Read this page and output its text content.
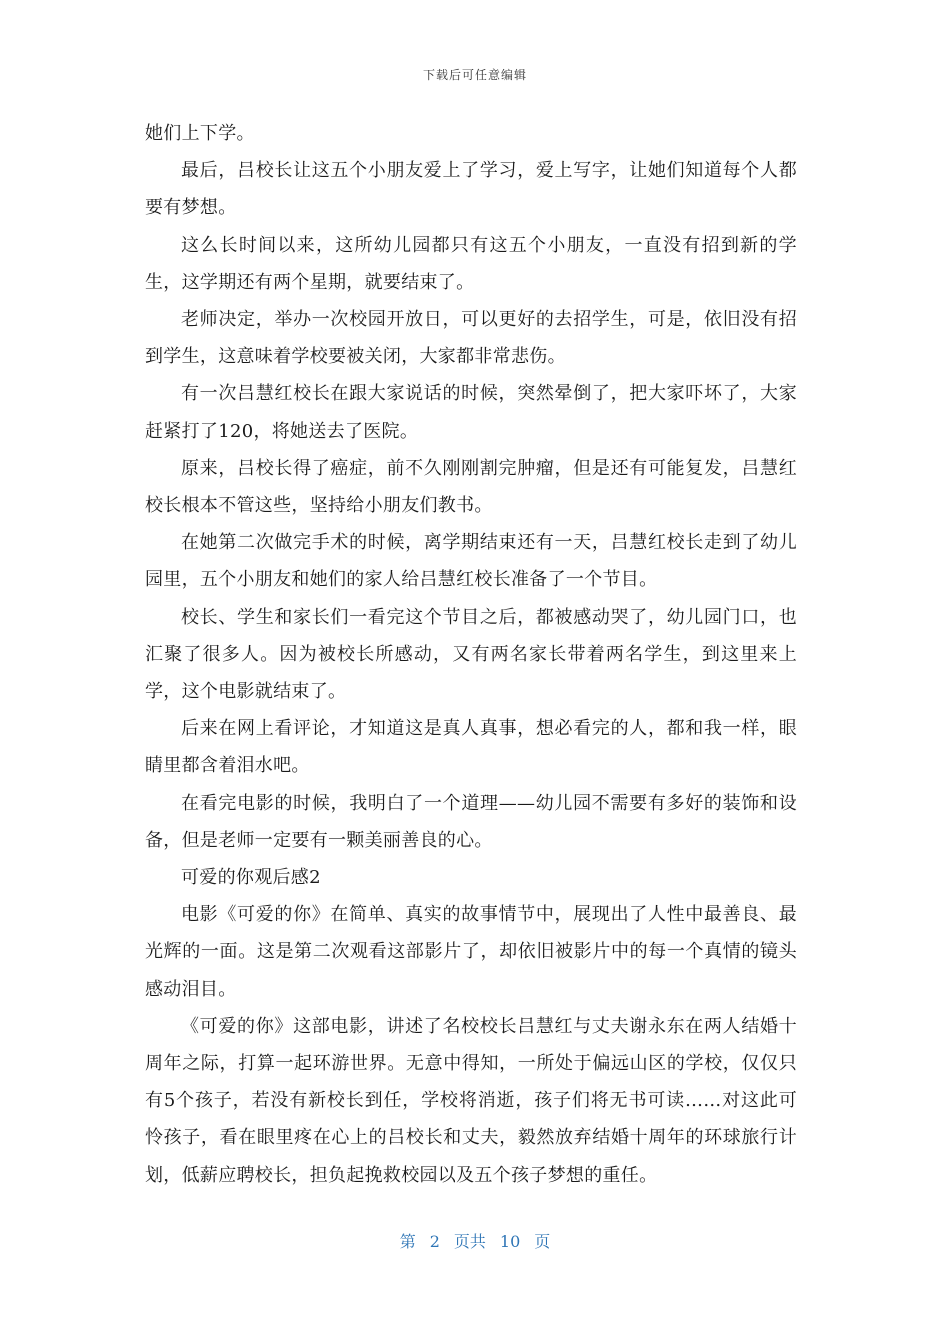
下载后可任意编辑

她们上下学。

最后，吕校长让这五个小朋友爱上了学习，爱上写字，让她们知道每个人都要有梦想。

这么长时间以来，这所幼儿园都只有这五个小朋友，一直没有招到新的学生，这学期还有两个星期，就要结束了。

老师决定，举办一次校园开放日，可以更好的去招学生，可是，依旧没有招到学生，这意味着学校要被关闭，大家都非常悲伤。

有一次吕慧红校长在跟大家说话的时候，突然晕倒了，把大家吓坏了，大家赶紧打了120，将她送去了医院。

原来，吕校长得了癌症，前不久刚刚割完肿瘤，但是还有可能复发，吕慧红校长根本不管这些，坚持给小朋友们教书。

在她第二次做完手术的时候，离学期结束还有一天，吕慧红校长走到了幼儿园里，五个小朋友和她们的家人给吕慧红校长准备了一个节目。

校长、学生和家长们一看完这个节目之后，都被感动哭了，幼儿园门口，也汇聚了很多人。因为被校长所感动，又有两名家长带着两名学生，到这里来上学，这个电影就结束了。

后来在网上看评论，才知道这是真人真事，想必看完的人，都和我一样，眼睛里都含着泪水吧。

在看完电影的时候，我明白了一个道理——幼儿园不需要有多好的装饰和设备，但是老师一定要有一颗美丽善良的心。

可爱的你观后感2

电影《可爱的你》在简单、真实的故事情节中，展现出了人性中最善良、最光辉的一面。这是第二次观看这部影片了，却依旧被影片中的每一个真情的镜头感动泪目。

《可爱的你》这部电影，讲述了名校校长吕慧红与丈夫谢永东在两人结婚十周年之际，打算一起环游世界。无意中得知，一所处于偏远山区的学校，仅仅只有5个孩子，若没有新校长到任，学校将消逝，孩子们将无书可读……对这此可怜孩子，看在眼里疼在心上的吕校长和丈夫，毅然放弃结婚十周年的环球旅行计划，低薪应聘校长，担负起挽救校园以及五个孩子梦想的重任。

第 2 页共 10 页
